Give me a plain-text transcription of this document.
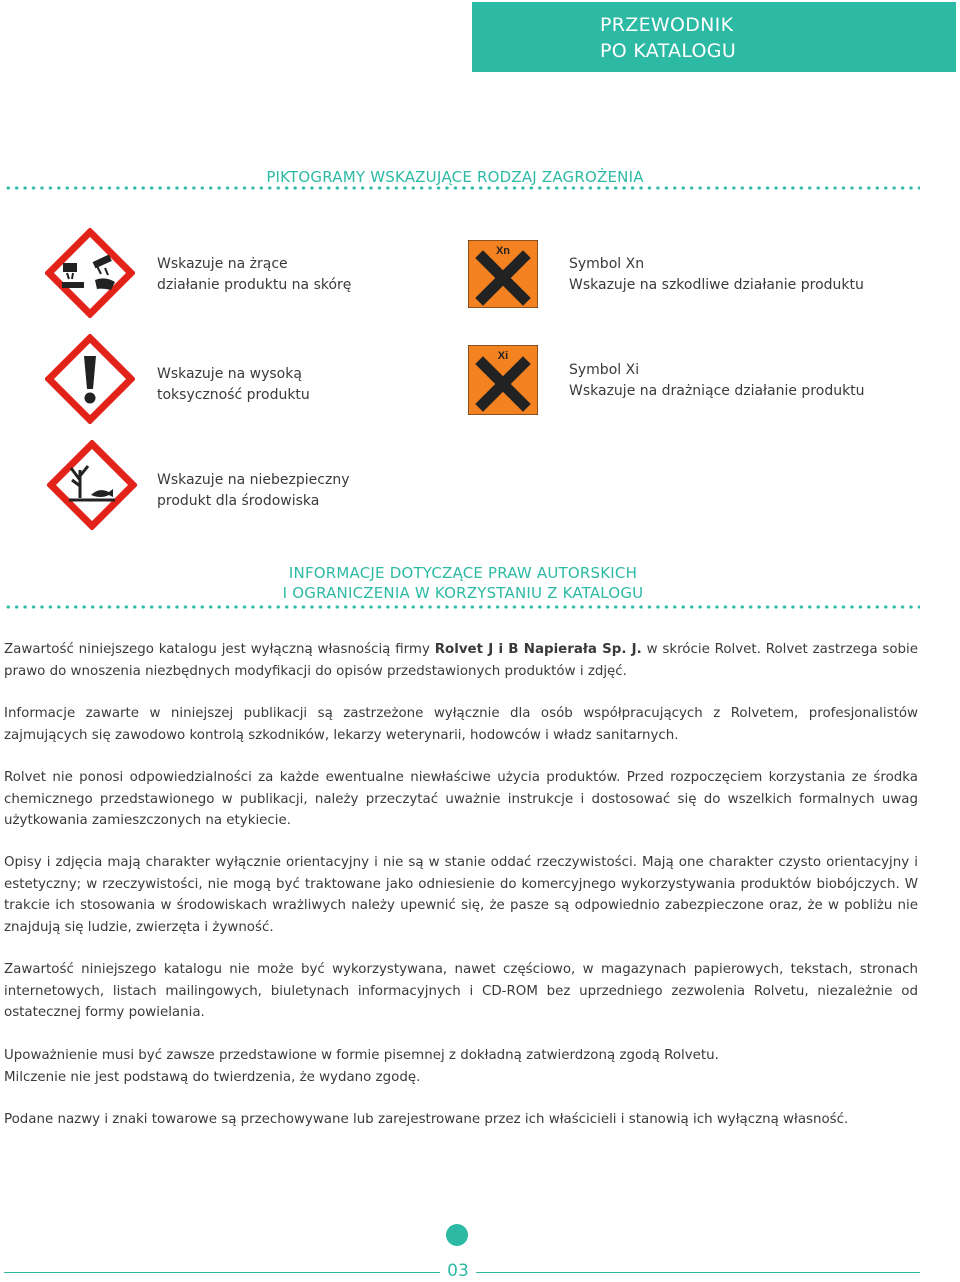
PRZEWODNIK
PO KATALOGU
PIKTOGRAMY WSKAZUJĄCE RODZAJ ZAGROŻENIA
Wskazuje na żrące
działanie produktu na skórę
Xn
Symbol Xn
Wskazuje na szkodliwe działanie produktu
Wskazuje na wysoką
toksyczność produktu
Xi
Symbol Xi
Wskazuje na drażniące działanie produktu
Wskazuje na niebezpieczny
produkt dla środowiska
INFORMACJE DOTYCZĄCE PRAW AUTORSKICH
I OGRANICZENIA W KORZYSTANIU Z KATALOGU
Zawartość niniejszego katalogu jest wyłączną własnością firmy Rolvet J i B Napierała Sp. J. w skrócie Rolvet. Rolvet zastrzega sobie prawo do wnoszenia niezbędnych modyfikacji do opisów przedstawionych produktów i zdjęć.
Informacje zawarte w niniejszej publikacji są zastrzeżone wyłącznie dla osób współpracujących z Rolvetem, profesjonalistów zajmujących się zawodowo kontrolą szkodników, lekarzy weterynarii, hodowców i władz sanitarnych.
Rolvet nie ponosi odpowiedzialności za każde ewentualne niewłaściwe użycia produktów. Przed rozpoczęciem korzystania ze środka chemicznego przedstawionego w publikacji, należy przeczytać uważnie instrukcje i dostosować się do wszelkich formalnych uwag użytkowania zamieszczonych na etykiecie.
Opisy i zdjęcia mają charakter wyłącznie orientacyjny i nie są w stanie oddać rzeczywistości. Mają one charakter czysto orientacyjny i estetyczny; w rzeczywistości, nie mogą być traktowane jako odniesienie do komercyjnego wykorzystywania produktów biobójczych. W trakcie ich stosowania w środowiskach wrażliwych należy upewnić się, że pasze są odpowiednio zabezpieczone oraz, że w pobliżu nie znajdują się ludzie, zwierzęta i żywność.
Zawartość niniejszego katalogu nie może być wykorzystywana, nawet częściowo, w magazynach papierowych, tekstach, stronach internetowych, listach mailingowych, biuletynach informacyjnych i CD-ROM bez uprzedniego zezwolenia Rolvetu, niezależnie od ostatecznej formy powielania.
Upoważnienie musi być zawsze przedstawione w formie pisemnej z dokładną zatwierdzoną zgodą Rolvetu.
Milczenie nie jest podstawą do twierdzenia, że wydano zgodę.
Podane nazwy i znaki towarowe są przechowywane lub zarejestrowane przez ich właścicieli i stanowią ich wyłączną własność.
03
